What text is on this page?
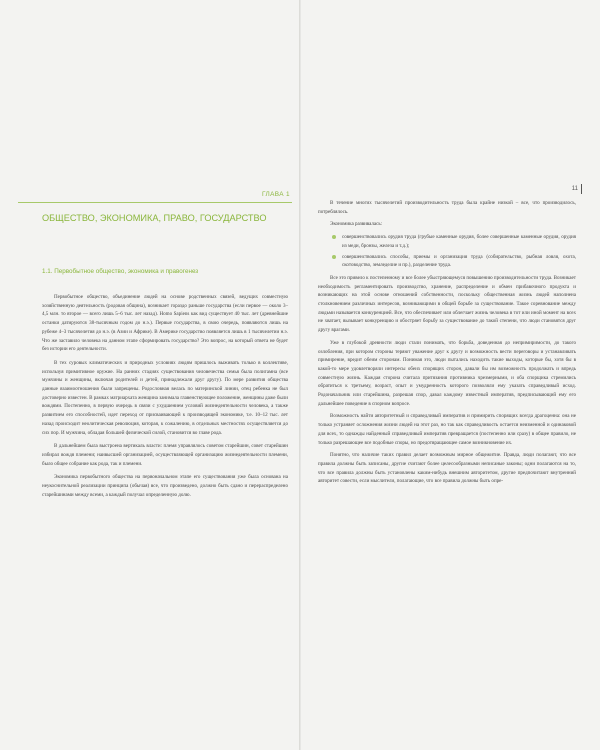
ГЛАВА 1
ОБЩЕСТВО, ЭКОНОМИКА, ПРАВО, ГОСУДАРСТВО
1.1. Первобытное общество, экономика и правогенез

Первобытное общество, объединение людей на основе родственных связей, ведущих совместную хозяйственную деятельность (родовая община), возникает гораздо раньше государства (если первое — около 3–4,5 млн. то второе — всего лишь 5–6 тыс. лет назад). Homo Sapiens как вид существует 40 тыс. лет (древнейшие останки датируются 38-тысячным годом до н.э.). Первые государства, в свою очередь, появляются лишь на рубеже 4–3 тысячелетия до н.э. (в Азии и Африке). В Америке государство появляется лишь в 1 тысячелетии н.э. Что же заставило человека на данном этапе сформировать государство? Это вопрос, на который ответа не будет без истории его деятельности.

В тех суровых климатических и природных условиях людям пришлось выживать только в коллективе, используя примитивное оружие. На ранних стадиях существования человечества семья была полигамна (все мужчины и женщины, включая родителей и детей, принадлежали друг другу). По мере развития общества данные взаимоотношения были запрещены. Родословная велась по материнской линии, отец ребенка не был достоверно известен. В рамках матриархата женщина занимала главенствующее положение, женщины даже были вождями. Постепенно, в первую очередь в связи с ухудшением условий жизнедеятельности человека, а также развитием его способностей, идет переход от присваивающей к производящей экономике, т.е. 10–12 тыс. лет назад происходит неолитическая революция, которая, к сожалению, в отдельных местностях осуществляется до сих пор. И мужчина, обладая большей физической силой, становится во главе рода.

В дальнейшем была выстроена вертикаль власти: племя управлялось советом старейшин, совет старейшин избирал вождя племени; наивысшей организацией, осуществляющей организацию жизнедеятельности племени, было общее собрание как рода, так и племени.

Экономика первобытного общества на первоначальном этапе его существования уже была основана на неукоснительной реализации принципа (обычая) все, что произведено, должно быть сдано и перераспределено старейшинами между всеми, а каждый получал определенную долю.

11

В течение многих тысячелетий производительность труда была крайне низкой – все, что производилось, потреблялось.

Экономика развивалась:

совершенствовались орудия труда (грубые каменные орудия, более совершенные каменные орудия, орудия из меди, бронзы, железа и т.д.);
совершенствовались способы, приемы и организация труда (собирательство, рыбная ловля, охота, скотоводство, земледелие и пр.), разделение труда.

Все это привело к постепенному и все более убыстряющемуся повышению производительности труда. Возникает необходимость регламентировать производство, хранение, распределение и обмен прибавочного продукта и возникающих на этой основе отношений собственности, поскольку общественная жизнь людей наполнена столкновением различных интересов, возникающими в общей борьбе за существование. Такое соревнование между людьми называется конкуренцией. Все, что обеспечивает или облегчает жизнь человека в тот или иной момент на всех не хватает, вызывает конкуренцию и обостряет борьбу за существование до такой степени, что люди становятся друг другу врагами.

Уже в глубокой древности люди стали понимать, что борьба, доведенная до непримиримости, до такого озлобления, при котором стороны теряют уважение друг к другу и возможность вести переговоры и устанавливать примирение, вредит обеим сторонам. Понимая это, люди пытались находить такие выходы, которые бы, хотя бы в какой-то мере удовлетворяли интересы обеих спорящих сторон, давали бы им возможность продолжать и впредь совместную жизнь. Каждая сторона считала притязания противника чрезмерными, и оба спорщика стремились обратиться к третьему, возраст, опыт и умудренность которого позволяли ему указать справедливый исход. Родоначальник или старейшина, разрешая спор, давал каждому известный императив, предписывающий ему его дальнейшее поведение в спорном вопросе.

Возможность найти авторитетный и справедливый императив и примирить спорящих всегда драгоценна: она не только устраняет осложнения жизни людей на этот раз, но так как справедливость остается неизменной и одинаковой для всех, то однажды найденный справедливый императив превращается (постепенно или сразу) в общее правило, не только разрешающее все подобные споры, но предотвращающее самое возникновение их.

Понятно, что наличие таких правил делает возможным мирное общежитие. Правда, люди полагают, что все правила должны быть записаны, другие считают более целесообразными неписаные законы; одни полагаются на то, что все правила должны быть установлены каким-нибудь внешним авторитетом, другие предпочитают внутренний авторитет совести, если мыслители, полагающие, что все правила должны быть опре-
